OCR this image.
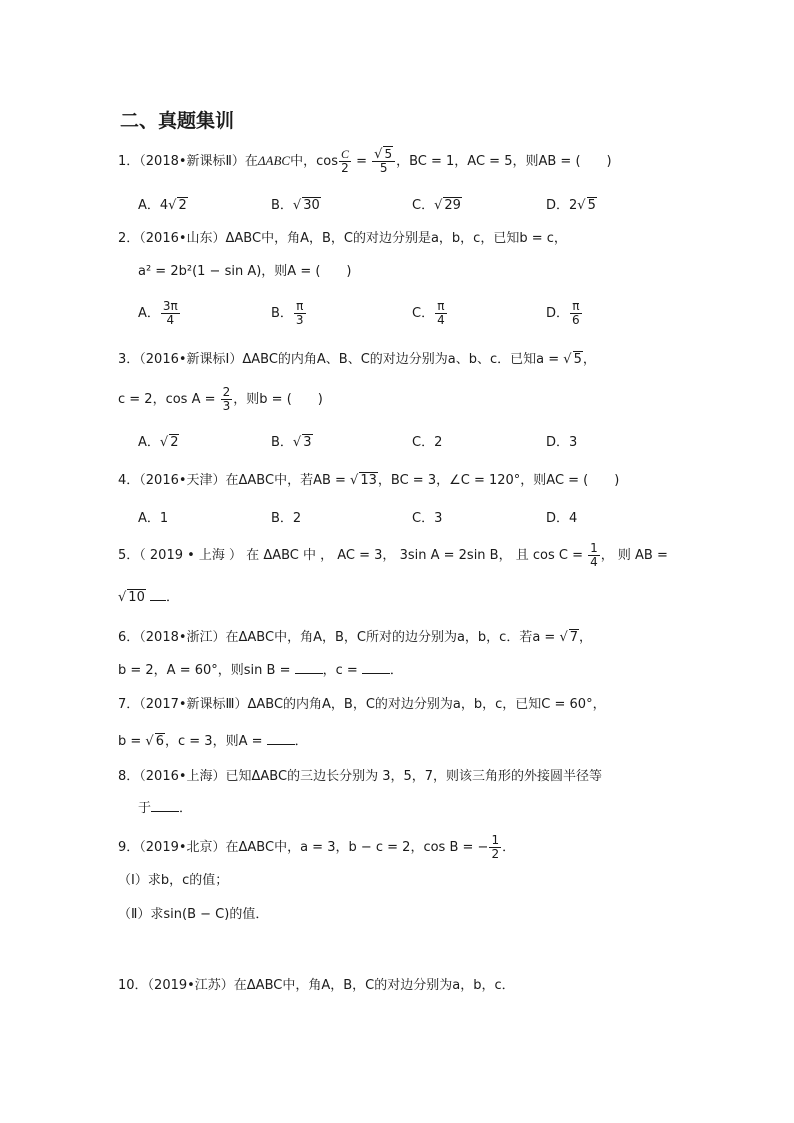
二、真题集训
1．（2018•新课标Ⅱ）在ΔABC中，$\cos \frac{C}{2} = \frac{√ 5}{5}$ ，BC = 1，AC = 5，则AB = (　　)
A．4√ 2	B．√ 30	C．√ 29	D．2√ 5
2．（2016•山东）ΔABC中，角A，B，C的对边分别是a，b，c，已知b = c，
a² = 2b²(1 − sin A)，则A = (　　)
A． $\frac{3\pi}{4}$	B． $\frac{\pi}{3}$	C． $\frac{\pi}{4}$	D． $\frac{\pi}{6}$
3．（2016•新课标Ⅰ）ΔABC的内角A、B、C的对边分别为a、b、c．已知a = √ 5，
c = 2，$\cos A = \frac{2}{3}$ ，则b = (　　)
A．√ 2	B．√ 3	C．2	D．3
4．（2016•天津）在ΔABC中，若AB = √ 13，BC = 3，∠C = 120°，则AC = (　　)
A．1	B．2	C．3	D．4
5．（ 2019 • 上海 ） 在 ΔABC 中 ， AC = 3， 3sin A = 2sin B， 且 $\cos C = \frac{1}{4}$ ， 则 AB =
√ 10 ．
6．（2018•浙江）在ΔABC中，角A，B，C所对的边分别为a，b，c．若a = √ 7，
b = 2，A = 60°，则sin B = ，c = ．
7．（2017•新课标Ⅲ）ΔABC的内角A，B，C的对边分别为a，b，c，已知C = 60°，
b = √ 6，c = 3，则A = ．
8．（2016•上海）已知ΔABC的三边长分别为 3，5，7，则该三角形的外接圆半径等
于 ．
9．（2019•北京）在ΔABC中，a = 3，b − c = 2，cos B = − $\frac{1}{2}$ ．
（Ⅰ）求b，c的值；
（Ⅱ）求sin(B − C)的值．
10．（2019•江苏）在ΔABC中，角A，B，C的对边分别为a，b，c．
